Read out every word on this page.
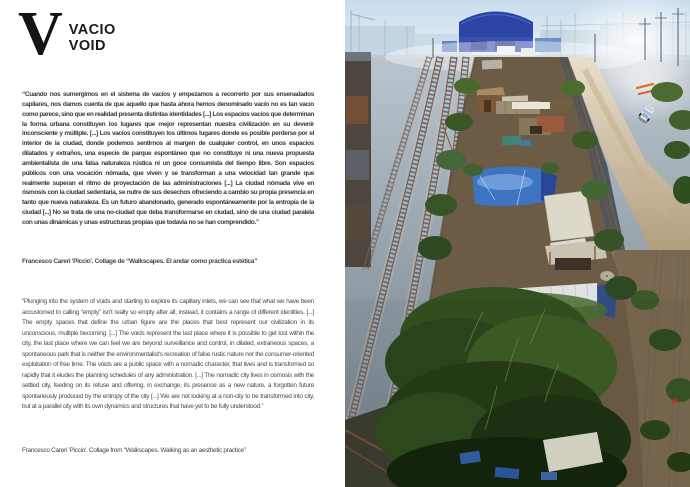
V VACIO
VOID

“Cuando nos sumergimos en el sistema de vacíos y empezamos a recorrerlo por sus ensenadados capilares, nos damos cuenta de que aquello que hasta ahora hemos denominado vacío no es tan vacío como parece, sino que en realidad presenta distintas identidades [...] Los espacios vacíos que determinan la forma urbana constituyen los lugares que mejor representan nuestra civilización en su devenir inconsciente y múltiple. [...] Los vacíos constituyen los últimos lugares donde es posible perderse por el interior de la ciudad, donde podemos sentirnos al margen de cualquier control, en unos espacios dilatados y extraños, una especie de parque espontáneo que no constituye ni una nueva propuesta ambientalista de una falsa naturaleza rústica ni un goce consumista del tiempo libre. Son espacios públicos con una vocación nómada, que viven y se transforman a una velocidad tan grande que realmente superan el ritmo de proyectación de las administraciones [...] La ciudad nómada vive en ósmosis con la ciudad sedentaria, se nutre de sus desechos ofreciendo a cambio su propia presencia en tanto que nueva naturaleza. Es un futuro abandonado, generado espontáneamente por la entropía de la ciudad [...] No se trata de una no-ciudad que deba transformarse en ciudad, sino de una ciudad paralela con unas dinámicas y unas estructuras propias que todavía no se han comprendido.”

Francesco Careri 'Piccio'. Collage de “Walkscapes. El andar como práctica estética”

“Plunging into the system of voids and starting to explore its capillary inlets, we can see that what we have been accustomed to calling “empty” isn't really so empty after all; instead, it contains a range of different identities. [...] The empty spaces that define the urban figure are the places that best represent our civilization in its unconscious, multiple becoming. [...] The voids represent the last place where it is possible to get lost within the city, the last place where we can feel we are beyond surveillance and control, in dilated, extraneous spaces, a spontaneous park that is neither the environmentalist's recreation of false rustic nature nor the consumer-oriented exploitation of free time. The voids are a public space with a nomadic character, that lives and is transformed so rapidly that it eludes the planning schedules of any administration. [...] The nomadic city lives in osmosis with the settled city, feeding on its refuse and offering, in exchange, its presence as a new nature, a forgotten future spontaneusly produced by the entropy of the city [...] We are not looking at a non-city to be transformed into city, but at a parallel city with its own dynamics and structures that have yet to be fully understood.”

Francesco Careri 'Piccio'. Collage from “Walkscapes. Walking as an aesthetic practice”
